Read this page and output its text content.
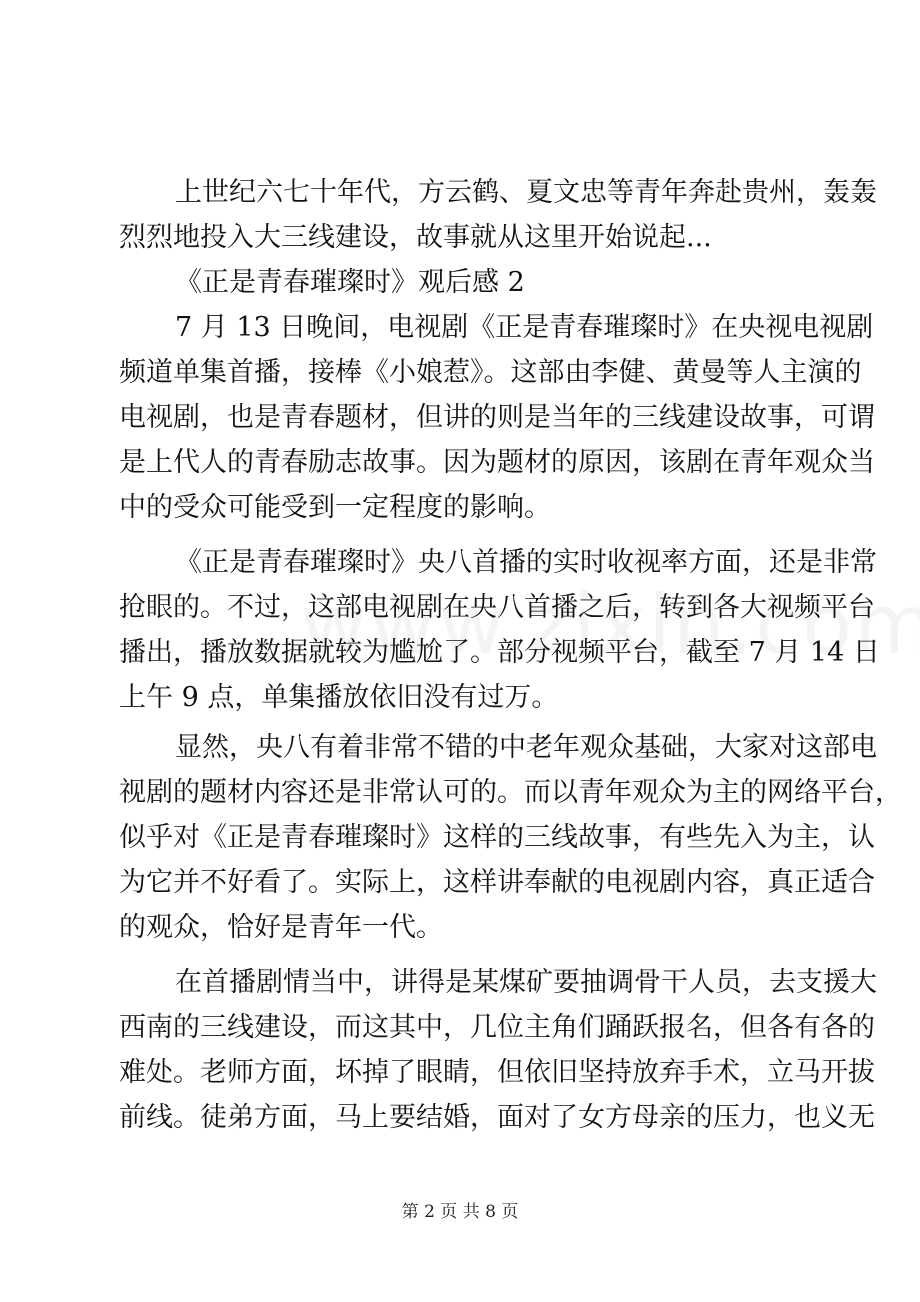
上世纪六七十年代，方云鹤、夏文忠等青年奔赴贵州，轰轰
烈烈地投入大三线建设，故事就从这里开始说起...
《正是青春璀璨时》观后感 2
7 月 13 日晚间，电视剧《正是青春璀璨时》在央视电视剧
频道单集首播，接棒《小娘惹》。这部由李健、黄曼等人主演的
电视剧，也是青春题材，但讲的则是当年的三线建设故事，可谓
是上代人的青春励志故事。因为题材的原因，该剧在青年观众当
中的受众可能受到一定程度的影响。
《正是青春璀璨时》央八首播的实时收视率方面，还是非常
抢眼的。不过，这部电视剧在央八首播之后，转到各大视频平台
播出，播放数据就较为尴尬了。部分视频平台，截至 7 月 14 日
上午 9 点，单集播放依旧没有过万。
显然，央八有着非常不错的中老年观众基础，大家对这部电
视剧的题材内容还是非常认可的。而以青年观众为主的网络平台，
似乎对《正是青春璀璨时》这样的三线故事，有些先入为主，认
为它并不好看了。实际上，这样讲奉献的电视剧内容，真正适合
的观众，恰好是青年一代。
在首播剧情当中，讲得是某煤矿要抽调骨干人员，去支援大
西南的三线建设，而这其中，几位主角们踊跃报名，但各有各的
难处。老师方面，坏掉了眼睛，但依旧坚持放弃手术，立马开拔
前线。徒弟方面，马上要结婚，面对了女方母亲的压力，也义无
第 2 页 共 8 页
